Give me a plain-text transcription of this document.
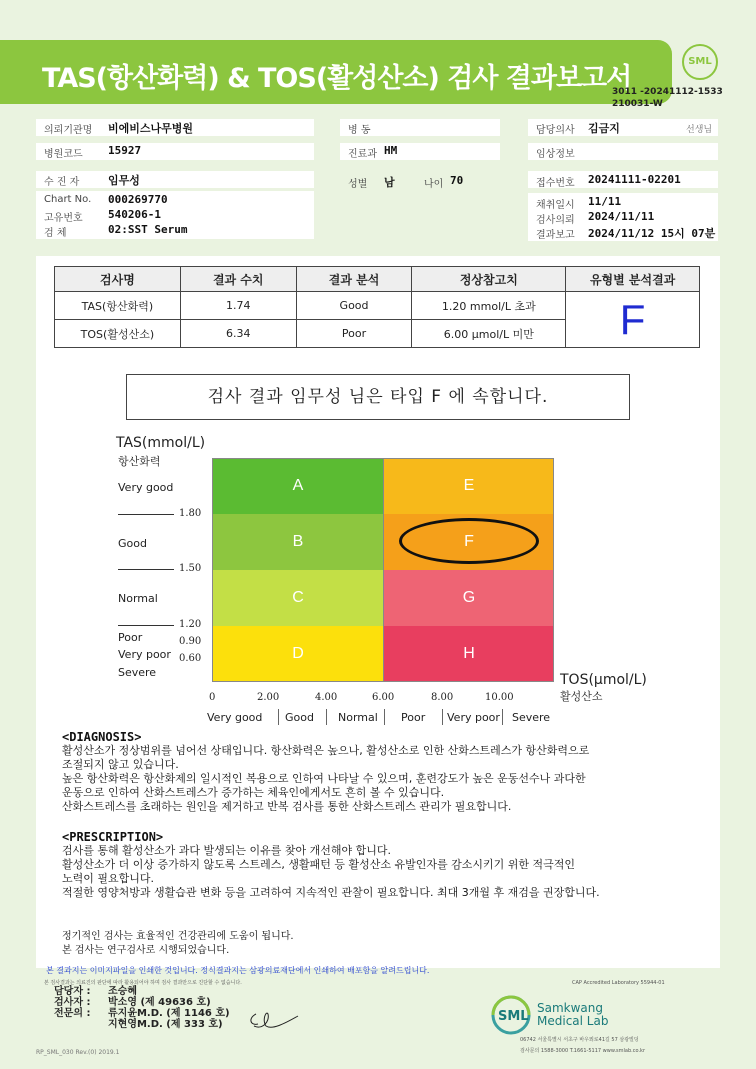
TAS(항산화력) & TOS(활성산소) 검사 결과보고서
SML
3011 -20241112-1533
210031-W
의뢰기관명 비에비스나무병원
병원코드 15927
수 진 자	임무성
Chart No. 000269770
고유번호 540206-1
검 체	02:SST Serum
병 동
진료과 HM
성별 남	나이 70
담당의사 김금지	선생님
임상정보
접수번호 20241111-02201
채취일시 11/11
검사의뢰 2024/11/11
결과보고 2024/11/12 15시 07분
검사명	결과 수치	결과 분석	정상참고치	유형별 분석결과
TAS(항산화력)	1.74	Good	1.20 mmol/L 초과	F
TOS(활성산소)	6.34	Poor	6.00 μmol/L 미만	
검사 결과 임무성 님은 타입 F 에 속합니다.
TAS(mmol/L)
항산화력
Very good
Good
Normal
Poor
Very poor
Severe
1.80
1.50
1.20
0.90
0.60
A
B
C
D
E
F
G
H
TOS(μmol/L)
활성산소
0	2.00	4.00	6.00	8.00	10.00
Very good Good Normal Poor Very poor Severe

<DIAGNOSIS>

활성산소가 정상범위를 넘어선 상태입니다. 항산화력은 높으나, 활성산소로 인한 산화스트레스가 항산화력으로

조절되지 않고 있습니다.

높은 항산화력은 항산화제의 일시적인 복용으로 인하여 나타날 수 있으며, 훈련강도가 높은 운동선수나 과다한

운동으로 인하여 산화스트레스가 증가하는 체육인에게서도 흔히 볼 수 있습니다.

산화스트레스를 초래하는 원인을 제거하고 반복 검사를 통한 산화스트레스 관리가 필요합니다.

<PRESCRIPTION>

검사를 통해 활성산소가 과다 발생되는 이유를 찾아 개선해야 합니다.

활성산소가 더 이상 증가하지 않도록 스트레스, 생활패턴 등 활성산소 유발인자를 감소시키기 위한 적극적인

노력이 필요합니다.

적절한 영양처방과 생활습관 변화 등을 고려하여 지속적인 관찰이 필요합니다. 최대 3개월 후 재검을 권장합니다.

정기적인 검사는 효율적인 건강관리에 도움이 됩니다.

본 검사는 연구검사로 시행되었습니다.

본 결과지는 이미지파일을 인쇄한 것입니다. 정식결과지는 삼광의료재단에서 인쇄하여 배포함을 알려드립니다.
본 검사결과는 의료진의 판단에 따라 활용되어야 하며 검사 결과만으로 진단할 수 없습니다.	CAP Accredited Laboratory 55944-01
담당자 :
검사자 :
전문의 :
조승혜
박소영 (제 49636 호)
류지윤M.D. (제 1146 호)
지현영M.D. (제 333 호)
SML
Samkwang
Medical Lab
06742 서울특별시 서초구 바우뫼로41길 57 삼광빌딩
검사문의 1588-3000 T.1661-5117 www.smlab.co.kr
RP_SML_030 Rev.(0) 2019.1
